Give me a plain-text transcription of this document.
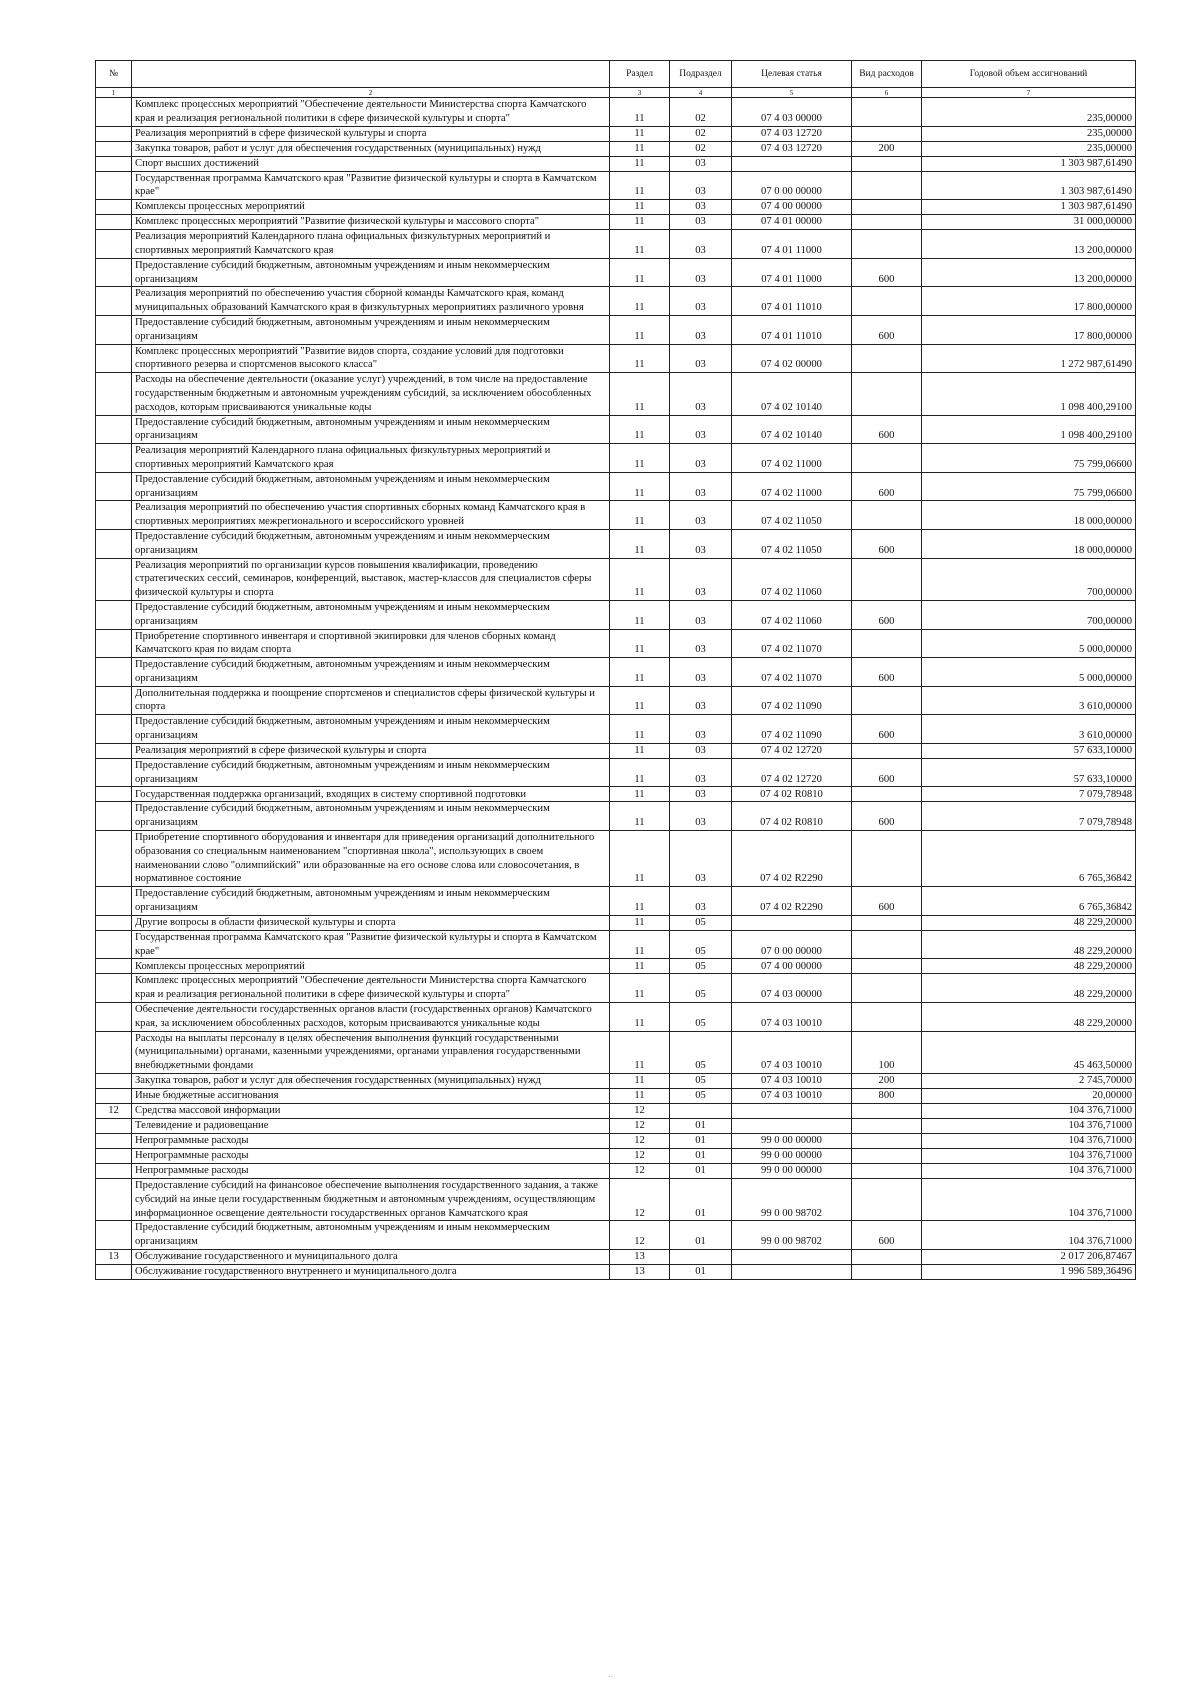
№		Раздел	Подраздел	Целевая статья	Вид расходов	Годовой объем ассигнований
1	2	3	4	5	6	7
	Комплекс процессных мероприятий "Обеспечение деятельности Министерства спорта Камчатского края и реализация региональной политики в сфере физической культуры и спорта"	11	02	07 4 03 00000		235,00000
	Реализация мероприятий в сфере физической культуры и спорта	11	02	07 4 03 12720		235,00000
	Закупка товаров, работ и услуг для обеспечения государственных (муниципальных) нужд	11	02	07 4 03 12720	200	235,00000
	Спорт высших достижений	11	03			1 303 987,61490
	Государственная программа Камчатского края "Развитие физической культуры и спорта в Камчатском крае"	11	03	07 0 00 00000		1 303 987,61490
	Комплексы процессных мероприятий	11	03	07 4 00 00000		1 303 987,61490
	Комплекс процессных мероприятий "Развитие физической культуры и массового спорта"	11	03	07 4 01 00000		31 000,00000
	Реализация мероприятий Календарного плана официальных физкультурных мероприятий и спортивных мероприятий Камчатского края	11	03	07 4 01 11000		13 200,00000
	Предоставление субсидий бюджетным, автономным учреждениям и иным некоммерческим организациям	11	03	07 4 01 11000	600	13 200,00000
	Реализация мероприятий по обеспечению участия сборной команды Камчатского края, команд муниципальных образований Камчатского края в физкультурных мероприятиях различного уровня	11	03	07 4 01 11010		17 800,00000
	Предоставление субсидий бюджетным, автономным учреждениям и иным некоммерческим организациям	11	03	07 4 01 11010	600	17 800,00000
	Комплекс процессных мероприятий "Развитие видов спорта, создание условий для подготовки спортивного резерва и спортсменов высокого класса"	11	03	07 4 02 00000		1 272 987,61490
	Расходы на обеспечение деятельности (оказание услуг) учреждений, в том числе на предоставление государственным бюджетным и автономным учреждениям субсидий, за исключением обособленных расходов, которым присваиваются уникальные коды	11	03	07 4 02 10140		1 098 400,29100
	Предоставление субсидий бюджетным, автономным учреждениям и иным некоммерческим организациям	11	03	07 4 02 10140	600	1 098 400,29100
	Реализация мероприятий Календарного плана официальных физкультурных мероприятий и спортивных мероприятий Камчатского края	11	03	07 4 02 11000		75 799,06600
	Предоставление субсидий бюджетным, автономным учреждениям и иным некоммерческим организациям	11	03	07 4 02 11000	600	75 799,06600
	Реализация мероприятий по обеспечению участия спортивных сборных команд Камчатского края в спортивных мероприятиях межрегионального и всероссийского уровней	11	03	07 4 02 11050		18 000,00000
	Предоставление субсидий бюджетным, автономным учреждениям и иным некоммерческим организациям	11	03	07 4 02 11050	600	18 000,00000
	Реализация мероприятий по организации курсов повышения квалификации, проведению стратегических сессий, семинаров, конференций, выставок, мастер-классов для специалистов сферы физической культуры и спорта	11	03	07 4 02 11060		700,00000
	Предоставление субсидий бюджетным, автономным учреждениям и иным некоммерческим организациям	11	03	07 4 02 11060	600	700,00000
	Приобретение спортивного инвентаря и спортивной экипировки для членов сборных команд Камчатского края по видам спорта	11	03	07 4 02 11070		5 000,00000
	Предоставление субсидий бюджетным, автономным учреждениям и иным некоммерческим организациям	11	03	07 4 02 11070	600	5 000,00000
	Дополнительная поддержка и поощрение спортсменов и специалистов сферы физической культуры и спорта	11	03	07 4 02 11090		3 610,00000
	Предоставление субсидий бюджетным, автономным учреждениям и иным некоммерческим организациям	11	03	07 4 02 11090	600	3 610,00000
	Реализация мероприятий в сфере физической культуры и спорта	11	03	07 4 02 12720		57 633,10000
	Предоставление субсидий бюджетным, автономным учреждениям и иным некоммерческим организациям	11	03	07 4 02 12720	600	57 633,10000
	Государственная поддержка организаций, входящих в систему спортивной подготовки	11	03	07 4 02 R0810		7 079,78948
	Предоставление субсидий бюджетным, автономным учреждениям и иным некоммерческим организациям	11	03	07 4 02 R0810	600	7 079,78948
	Приобретение спортивного оборудования и инвентаря для приведения организаций дополнительного образования со специальным наименованием "спортивная школа", использующих в своем наименовании слово "олимпийский" или образованные на его основе слова или словосочетания, в нормативное состояние	11	03	07 4 02 R2290		6 765,36842
	Предоставление субсидий бюджетным, автономным учреждениям и иным некоммерческим организациям	11	03	07 4 02 R2290	600	6 765,36842
	Другие вопросы в области физической культуры и спорта	11	05			48 229,20000
	Государственная программа Камчатского края "Развитие физической культуры и спорта в Камчатском крае"	11	05	07 0 00 00000		48 229,20000
	Комплексы процессных мероприятий	11	05	07 4 00 00000		48 229,20000
	Комплекс процессных мероприятий "Обеспечение деятельности Министерства спорта Камчатского края и реализация региональной политики в сфере физической культуры и спорта"	11	05	07 4 03 00000		48 229,20000
	Обеспечение деятельности государственных органов власти (государственных органов) Камчатского края, за исключением обособленных расходов, которым присваиваются уникальные коды	11	05	07 4 03 10010		48 229,20000
	Расходы на выплаты персоналу в целях обеспечения выполнения функций государственными (муниципальными) органами, казенными учреждениями, органами управления государственными внебюджетными фондами	11	05	07 4 03 10010	100	45 463,50000
	Закупка товаров, работ и услуг для обеспечения государственных (муниципальных) нужд	11	05	07 4 03 10010	200	2 745,70000
	Иные бюджетные ассигнования	11	05	07 4 03 10010	800	20,00000
12	Средства массовой информации	12				104 376,71000
	Телевидение и радиовещание	12	01			104 376,71000
	Непрограммные расходы	12	01	99 0 00 00000		104 376,71000
	Непрограммные расходы	12	01	99 0 00 00000		104 376,71000
	Непрограммные расходы	12	01	99 0 00 00000		104 376,71000
	Предоставление субсидий на финансовое обеспечение выполнения государственного задания, а также субсидий на иные цели государственным бюджетным и автономным учреждениям, осуществляющим информационное освещение деятельности государственных органов Камчатского края	12	01	99 0 00 98702		104 376,71000
	Предоставление субсидий бюджетным, автономным учреждениям и иным некоммерческим организациям	12	01	99 0 00 98702	600	104 376,71000
13	Обслуживание государственного и муниципального долга	13				2 017 206,87467
	Обслуживание государственного внутреннего и муниципального долга	13	01			1 996 589,36496
··
